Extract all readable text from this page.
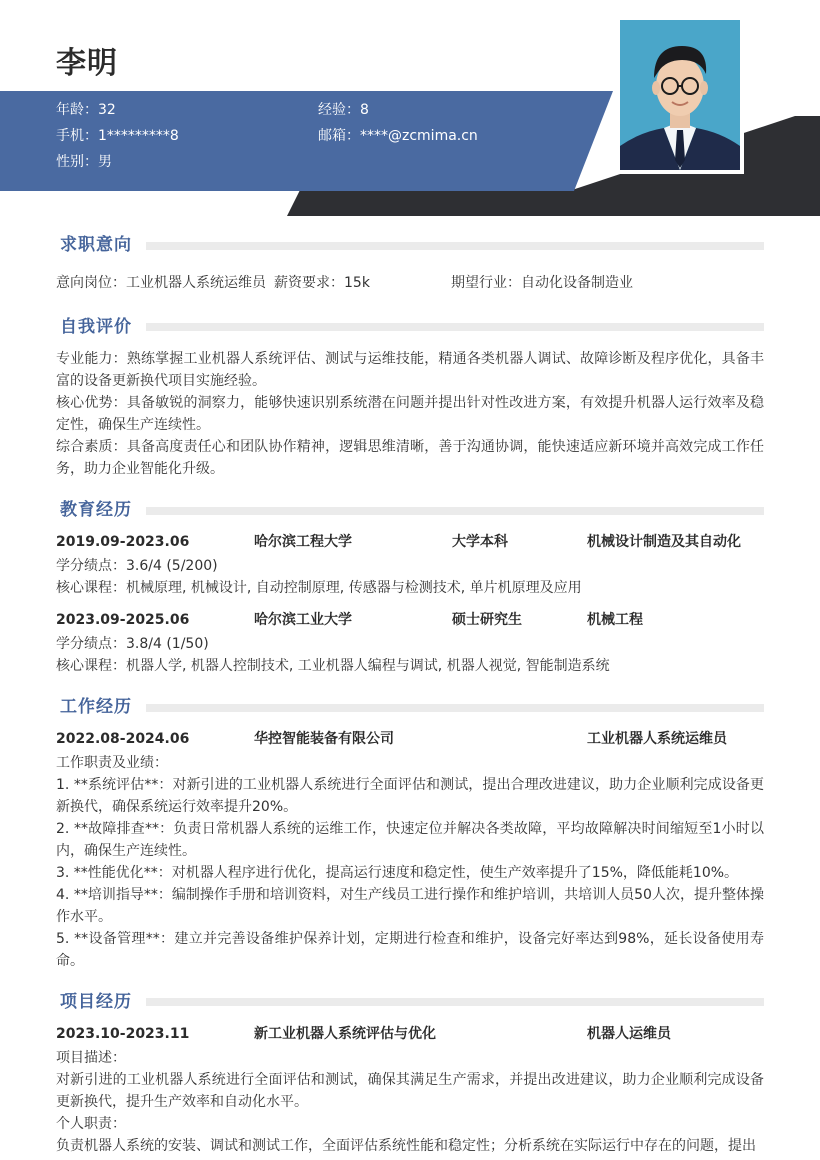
李明
年龄：32	经验：8
手机：1*********8	邮箱：****@zcmima.cn
性别：男
求职意向
意向岗位：工业机器人系统运维员 薪资要求：15k	期望行业：自动化设备制造业
自我评价
专业能力：熟练掌握工业机器人系统评估、测试与运维技能，精通各类机器人调试、故障诊断及程序优化，具备丰富的设备更新换代项目实施经验。
核心优势：具备敏锐的洞察力，能够快速识别系统潜在问题并提出针对性改进方案，有效提升机器人运行效率及稳定性，确保生产连续性。
综合素质：具备高度责任心和团队协作精神，逻辑思维清晰，善于沟通协调，能快速适应新环境并高效完成工作任务，助力企业智能化升级。
教育经历
2019.09-2023.06	哈尔滨工程大学	大学本科	机械设计制造及其自动化
学分绩点：3.6/4 (5/200)
核心课程：机械原理, 机械设计, 自动控制原理, 传感器与检测技术, 单片机原理及应用
2023.09-2025.06	哈尔滨工业大学	硕士研究生	机械工程
学分绩点：3.8/4 (1/50)
核心课程：机器人学, 机器人控制技术, 工业机器人编程与调试, 机器人视觉, 智能制造系统
工作经历
2022.08-2024.06	华控智能装备有限公司	工业机器人系统运维员
工作职责及业绩：
1. **系统评估**：对新引进的工业机器人系统进行全面评估和测试，提出合理改进建议，助力企业顺利完成设备更新换代，确保系统运行效率提升20%。
2. **故障排查**：负责日常机器人系统的运维工作，快速定位并解决各类故障，平均故障解决时间缩短至1小时以内，确保生产连续性。
3. **性能优化**：对机器人程序进行优化，提高运行速度和稳定性，使生产效率提升了15%，降低能耗10%。
4. **培训指导**：编制操作手册和培训资料，对生产线员工进行操作和维护培训，共培训人员50人次，提升整体操作水平。
5. **设备管理**：建立并完善设备维护保养计划，定期进行检查和维护，设备完好率达到98%，延长设备使用寿命。
项目经历
2023.10-2023.11	新工业机器人系统评估与优化	机器人运维员
项目描述：
对新引进的工业机器人系统进行全面评估和测试，确保其满足生产需求，并提出改进建议，助力企业顺利完成设备更新换代，提升生产效率和自动化水平。
个人职责：
负责机器人系统的安装、调试和测试工作，全面评估系统性能和稳定性；分析系统在实际运行中存在的问题，提出
